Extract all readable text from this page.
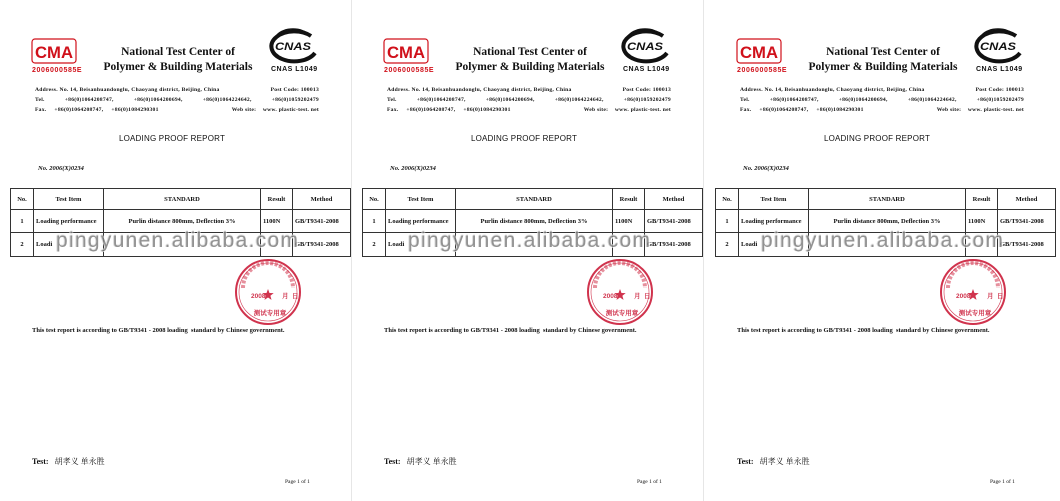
CMA
2006000585E
National Test Center of
Polymer & Building Materials
CNAS
CNAS L1049
Address. No. 14, Beisanhuandonglu, Chaoyang district, Beijing, China	Post Code: 100013
Tel.	+86(0)1064208747,	+86(0)1064200694,	+86(0)1064224642,	+86(0)1059202479
Fax. +86(0)1064208747, +86(0)1084290301	Web site: www. plastic-test. net
LOADING PROOF REPORT
No. 2006(X)0234
No.	Test Item	STANDARD	Result	Method
1	Loading performance	Purlin distance 800mm, Deflection 3%	1100N	GB/T9341-2008
2	Loadi			GB/T9341-2008
pingyunen.alibaba.com
2008	月 日
测试专用章
This test report is according to GB/T9341 - 2008 loading  standard by Chinese government.
Test: 胡孝义 单永胜
Page 1 of 1
CMA
2006000585E
National Test Center of
Polymer & Building Materials
CNAS
CNAS L1049
Address. No. 14, Beisanhuandonglu, Chaoyang district, Beijing, China	Post Code: 100013
Tel.	+86(0)1064208747,	+86(0)1064200694,	+86(0)1064224642,	+86(0)1059202479
Fax. +86(0)1064208747, +86(0)1084290301	Web site: www. plastic-test. net
LOADING PROOF REPORT
No. 2006(X)0234
No.	Test Item	STANDARD	Result	Method
1	Loading performance	Purlin distance 800mm, Deflection 3%	1100N	GB/T9341-2008
2	Loadi			GB/T9341-2008
pingyunen.alibaba.com
2008	月 日
测试专用章
This test report is according to GB/T9341 - 2008 loading  standard by Chinese government.
Test: 胡孝义 单永胜
Page 1 of 1
CMA
2006000585E
National Test Center of
Polymer & Building Materials
CNAS
CNAS L1049
Address. No. 14, Beisanhuandonglu, Chaoyang district, Beijing, China	Post Code: 100013
Tel.	+86(0)1064208747,	+86(0)1064200694,	+86(0)1064224642,	+86(0)1059202479
Fax. +86(0)1064208747, +86(0)1084290301	Web site: www. plastic-test. net
LOADING PROOF REPORT
No. 2006(X)0234
No.	Test Item	STANDARD	Result	Method
1	Loading performance	Purlin distance 800mm, Deflection 3%	1100N	GB/T9341-2008
2	Loadi			GB/T9341-2008
pingyunen.alibaba.com
2008	月 日
测试专用章
This test report is according to GB/T9341 - 2008 loading  standard by Chinese government.
Test: 胡孝义 单永胜
Page 1 of 1
